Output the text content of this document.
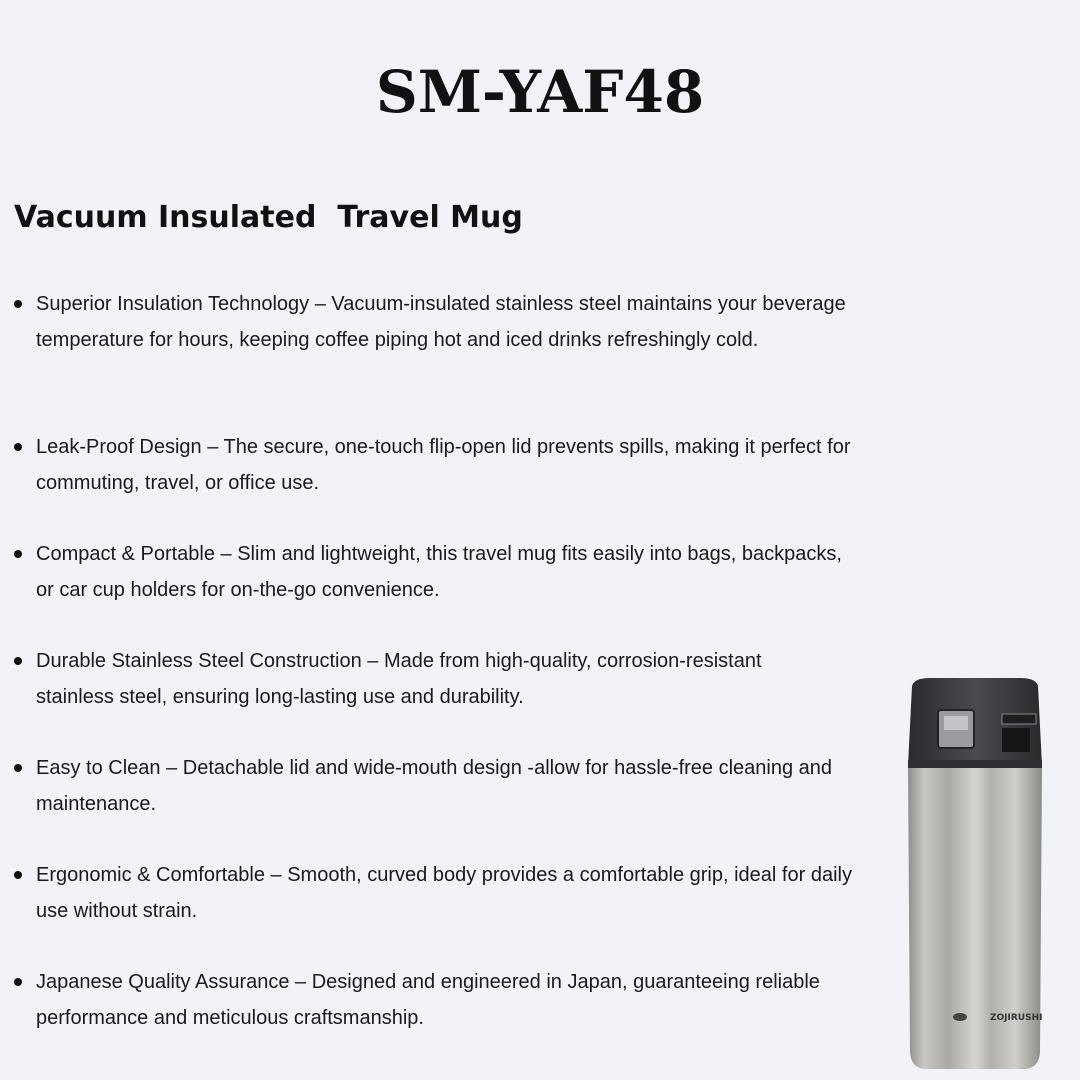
SM-YAF48
Vacuum Insulated  Travel Mug
Superior Insulation Technology – Vacuum-insulated stainless steel maintains your beverage temperature for hours, keeping coffee piping hot and iced drinks refreshingly cold.
Leak-Proof Design – The secure, one-touch flip-open lid prevents spills, making it perfect for commuting, travel, or office use.
Compact & Portable – Slim and lightweight, this travel mug fits easily into bags, backpacks, or car cup holders for on-the-go convenience.
Durable Stainless Steel Construction – Made from high-quality, corrosion-resistant stainless steel, ensuring long-lasting use and durability.
Easy to Clean – Detachable lid and wide-mouth design -allow for hassle-free cleaning and maintenance.
Ergonomic & Comfortable – Smooth, curved body provides a comfortable grip, ideal for daily use without strain.
Japanese Quality Assurance – Designed and engineered in Japan, guaranteeing reliable performance and meticulous craftsmanship.	ZOJIRUSHI
